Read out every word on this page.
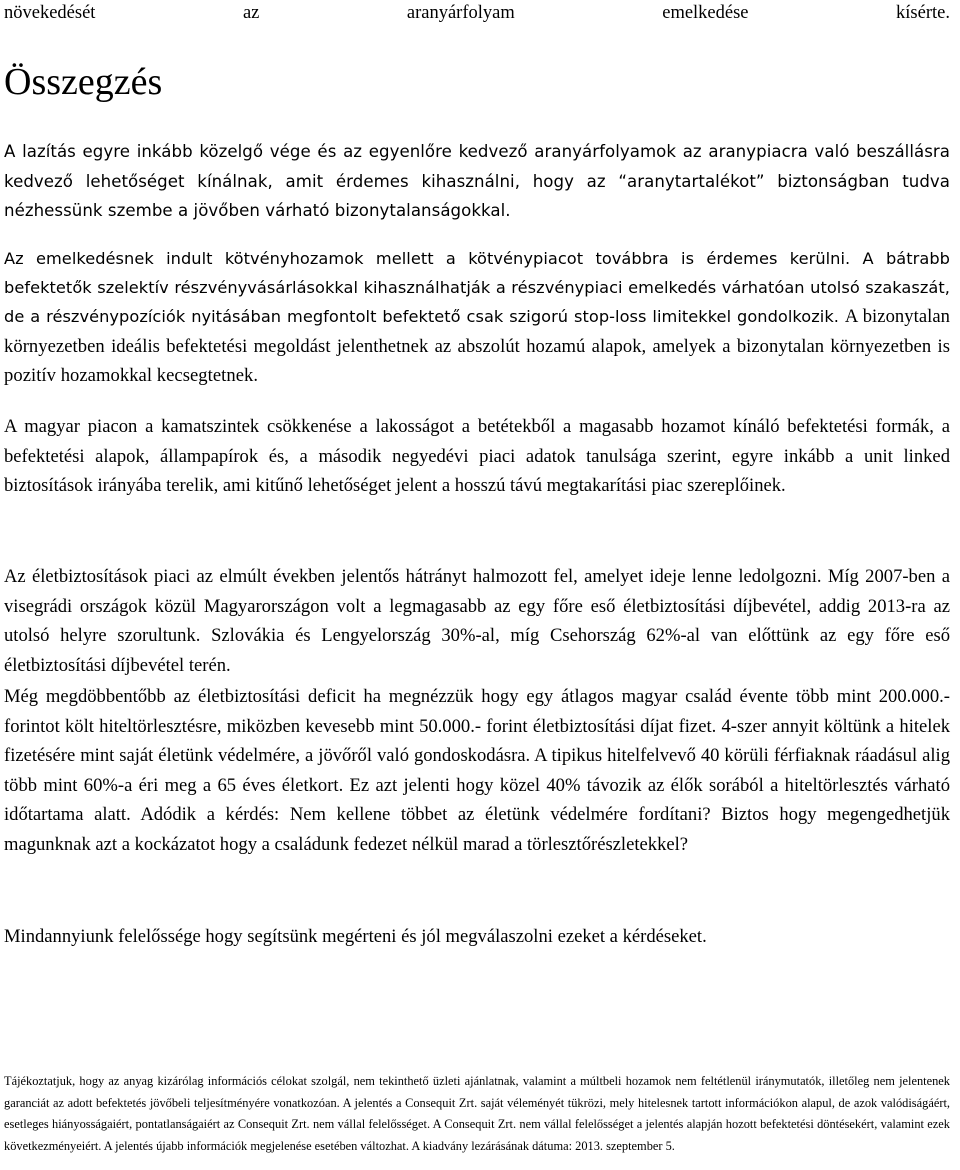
növekedését	az	aranyárfolyam	emelkedése	kísérte.
Összegzés

A lazítás egyre inkább közelgő vége és az egyenlőre kedvező aranyárfolyamok az aranypiacra való beszállásra kedvező lehetőséget kínálnak, amit érdemes kihasználni, hogy az “aranytartalékot” biztonságban tudva nézhessünk szembe a jövőben várható bizonytalanságokkal.

Az emelkedésnek indult kötvényhozamok mellett a kötvénypiacot továbbra is érdemes kerülni. A bátrabb befektetők szelektív részvényvásárlásokkal kihasználhatják a részvénypiaci emelkedés várhatóan utolsó szakaszát, de a részvénypozíciók nyitásában megfontolt befektető csak szigorú stop-loss limitekkel gondolkozik. A bizonytalan környezetben ideális befektetési megoldást jelenthetnek az abszolút hozamú alapok, amelyek a bizonytalan környezetben is pozitív hozamokkal kecsegtetnek.

A magyar piacon a kamatszintek csökkenése a lakosságot a betétekből a magasabb hozamot kínáló befektetési formák, a befektetési alapok, állampapírok és, a második negyedévi piaci adatok tanulsága szerint, egyre inkább a unit linked biztosítások irányába terelik, ami kitűnő lehetőséget jelent a hosszú távú megtakarítási piac szereplőinek.

Az életbiztosítások piaci az elmúlt években jelentős hátrányt halmozott fel, amelyet ideje lenne ledolgozni. Míg 2007-ben a visegrádi országok közül Magyarországon volt a legmagasabb az egy főre eső életbiztosítási díjbevétel, addig 2013-ra az utolsó helyre szorultunk. Szlovákia és Lengyelország 30%-al, míg Csehország 62%-al van előttünk az egy főre eső életbiztosítási díjbevétel terén.

Még megdöbbentőbb az életbiztosítási deficit ha megnézzük hogy egy átlagos magyar család évente több mint 200.000.- forintot költ hiteltörlesztésre, miközben kevesebb mint 50.000.- forint életbiztosítási díjat fizet. 4-szer annyit költünk a hitelek fizetésére mint saját életünk védelmére, a jövőről való gondoskodásra. A tipikus hitelfelvevő 40 körüli férfiaknak ráadásul alig több mint 60%-a éri meg a 65 éves életkort. Ez azt jelenti hogy közel 40% távozik az élők sorából a hiteltörlesztés várható időtartama alatt. Adódik a kérdés: Nem kellene többet az életünk védelmére fordítani? Biztos hogy megengedhetjük magunknak azt a kockázatot hogy a családunk fedezet nélkül marad a törlesztőrészletekkel?

Mindannyiunk felelőssége hogy segítsünk megérteni és jól megválaszolni ezeket a kérdéseket.

Tájékoztatjuk, hogy az anyag kizárólag információs célokat szolgál, nem tekinthető üzleti ajánlatnak, valamint a múltbeli hozamok nem feltétlenül iránymutatók, illetőleg nem jelentenek garanciát az adott befektetés jövőbeli teljesítményére vonatkozóan. A jelentés a Consequit Zrt. saját véleményét tükrözi, mely hitelesnek tartott információkon alapul, de azok valódiságáért, esetleges hiányosságaiért, pontatlanságaiért az Consequit Zrt. nem vállal felelősséget. A Consequit Zrt. nem vállal felelősséget a jelentés alapján hozott befektetési döntésekért, valamint ezek következményeiért. A jelentés újabb információk megjelenése esetében változhat. A kiadvány lezárásának dátuma: 2013. szeptember 5.
